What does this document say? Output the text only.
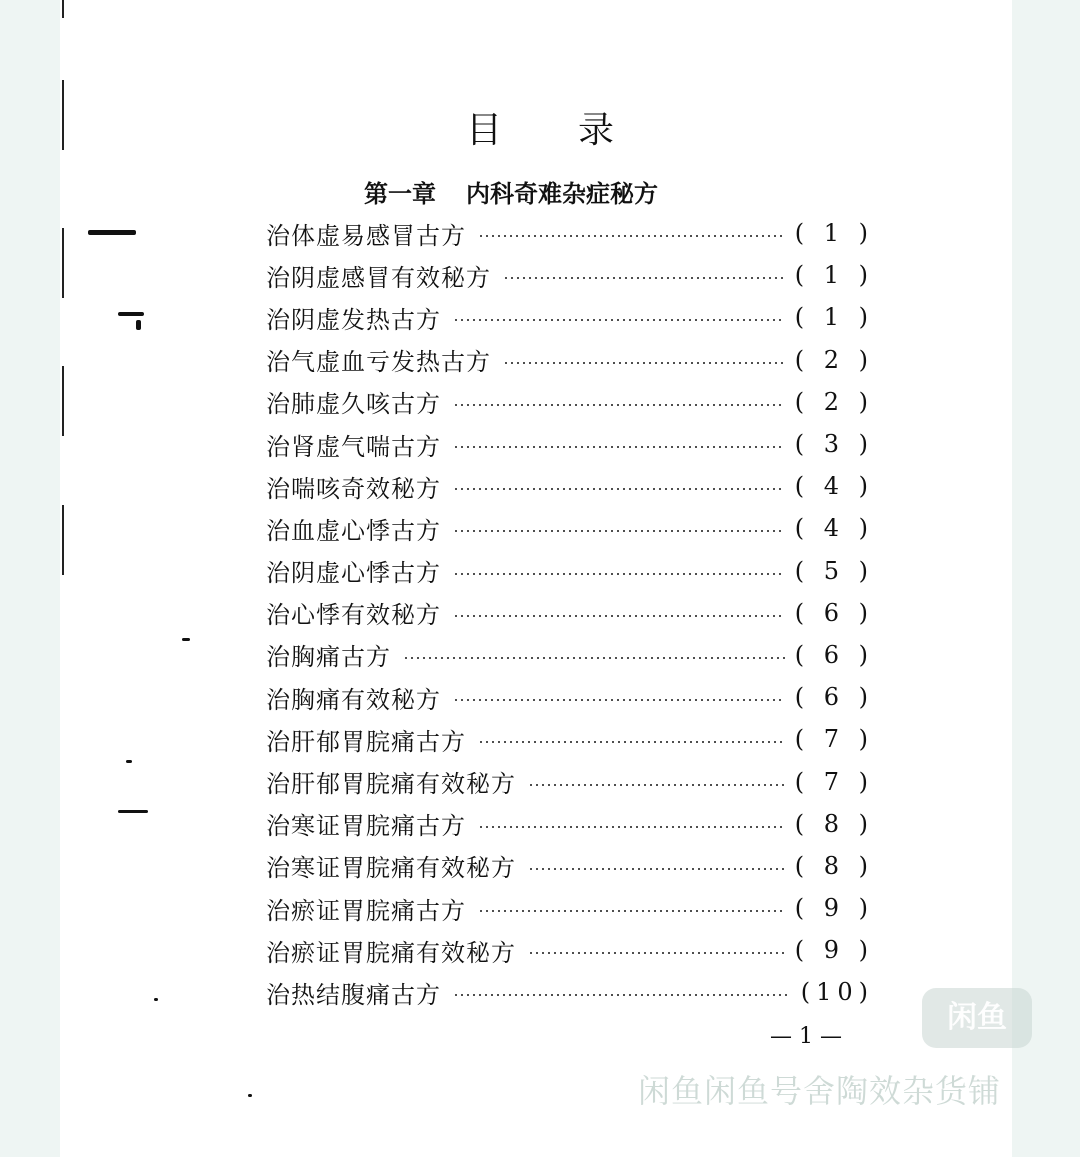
目录
第一章 内科奇难杂症秘方
治体虚易感冒古方	( 1 )
治阴虚感冒有效秘方	( 1 )
治阴虚发热古方	( 1 )
治气虚血亏发热古方	( 2 )
治肺虚久咳古方	( 2 )
治肾虚气喘古方	( 3 )
治喘咳奇效秘方	( 4 )
治血虚心悸古方	( 4 )
治阴虚心悸古方	( 5 )
治心悸有效秘方	( 6 )
治胸痛古方	( 6 )
治胸痛有效秘方	( 6 )
治肝郁胃脘痛古方	( 7 )
治肝郁胃脘痛有效秘方	( 7 )
治寒证胃脘痛古方	( 8 )
治寒证胃脘痛有效秘方	( 8 )
治瘀证胃脘痛古方	( 9 )
治瘀证胃脘痛有效秘方	( 9 )
治热结腹痛古方	(10)
— 1 —
闲鱼
闲鱼闲鱼号舍陶效杂货铺
